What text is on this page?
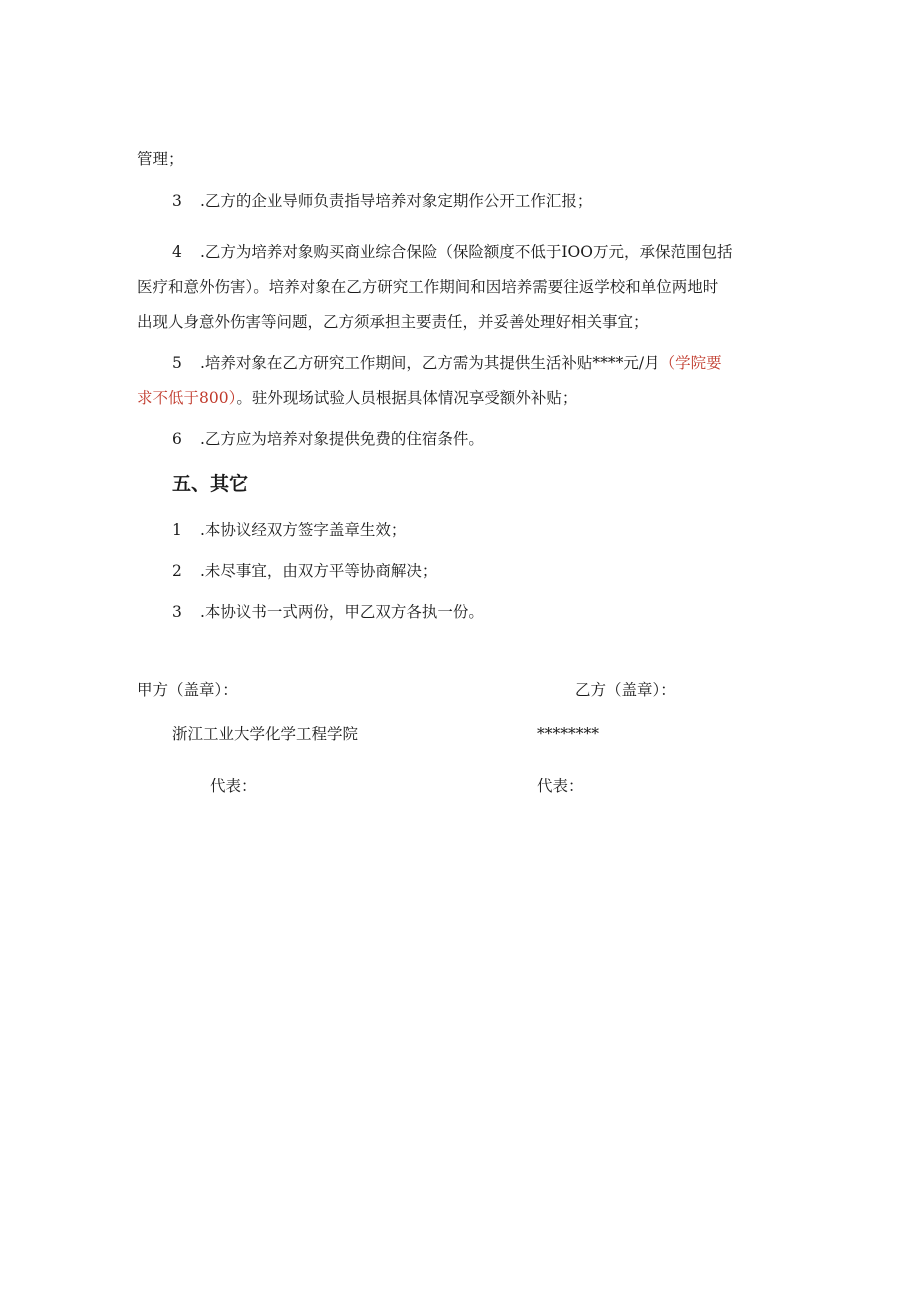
管理；
3 .乙方的企业导师负责指导培养对象定期作公开工作汇报；
4 .乙方为培养对象购买商业综合保险（保险额度不低于IOO万元，承保范围包括
医疗和意外伤害）。培养对象在乙方研究工作期间和因培养需要往返学校和单位两地时
出现人身意外伤害等问题，乙方须承担主要责任，并妥善处理好相关事宜；
5 .培养对象在乙方研究工作期间，乙方需为其提供生活补贴****元/月（学院要
求不低于800）。驻外现场试验人员根据具体情况享受额外补贴；
6 .乙方应为培养对象提供免费的住宿条件。
五、其它
1 .本协议经双方签字盖章生效；
2 .未尽事宜，由双方平等协商解决；
3 .本协议书一式两份，甲乙双方各执一份。
甲方（盖章）：	乙方（盖章）：
浙江工业大学化学工程学院	********
代表：	代表：
